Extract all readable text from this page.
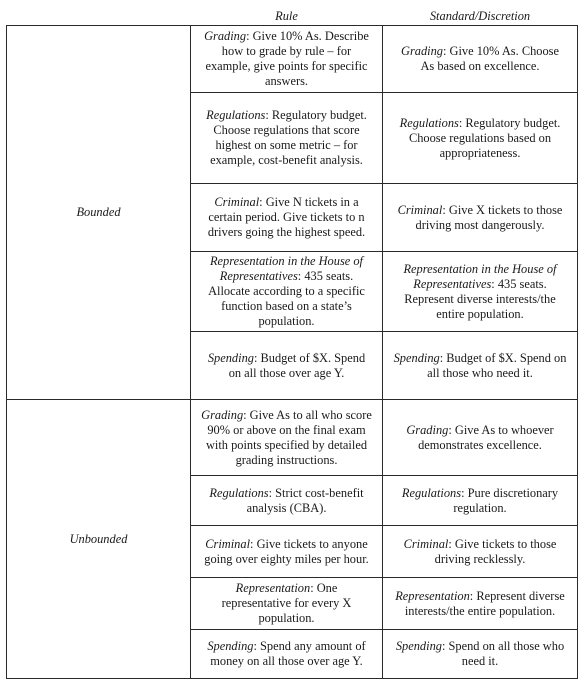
	Rule	Standard/Discretion
Bounded	Grading: Give 10% As. Describe how to grade by rule – for example, give points for specific answers.	Grading: Give 10% As. Choose As based on excellence.
	Regulations: Regulatory budget. Choose regulations that score highest on some metric – for example, cost-benefit analysis.	Regulations: Regulatory budget. Choose regulations based on appropriateness.
	Criminal: Give N tickets in a certain period. Give tickets to n drivers going the highest speed.	Criminal: Give X tickets to those driving most dangerously.
	Representation in the House of Representatives: 435 seats. Allocate according to a specific function based on a state’s population.	Representation in the House of Representatives: 435 seats. Represent diverse interests/the entire population.
	Spending: Budget of $X. Spend on all those over age Y.	Spending: Budget of $X. Spend on all those who need it.
Unbounded	Grading: Give As to all who score 90% or above on the final exam with points specified by detailed grading instructions.	Grading: Give As to whoever demonstrates excellence.
	Regulations: Strict cost-benefit analysis (CBA).	Regulations: Pure discretionary regulation.
	Criminal: Give tickets to anyone going over eighty miles per hour.	Criminal: Give tickets to those driving recklessly.
	Representation: One representative for every X population.	Representation: Represent diverse interests/the entire population.
	Spending: Spend any amount of money on all those over age Y.	Spending: Spend on all those who need it.
